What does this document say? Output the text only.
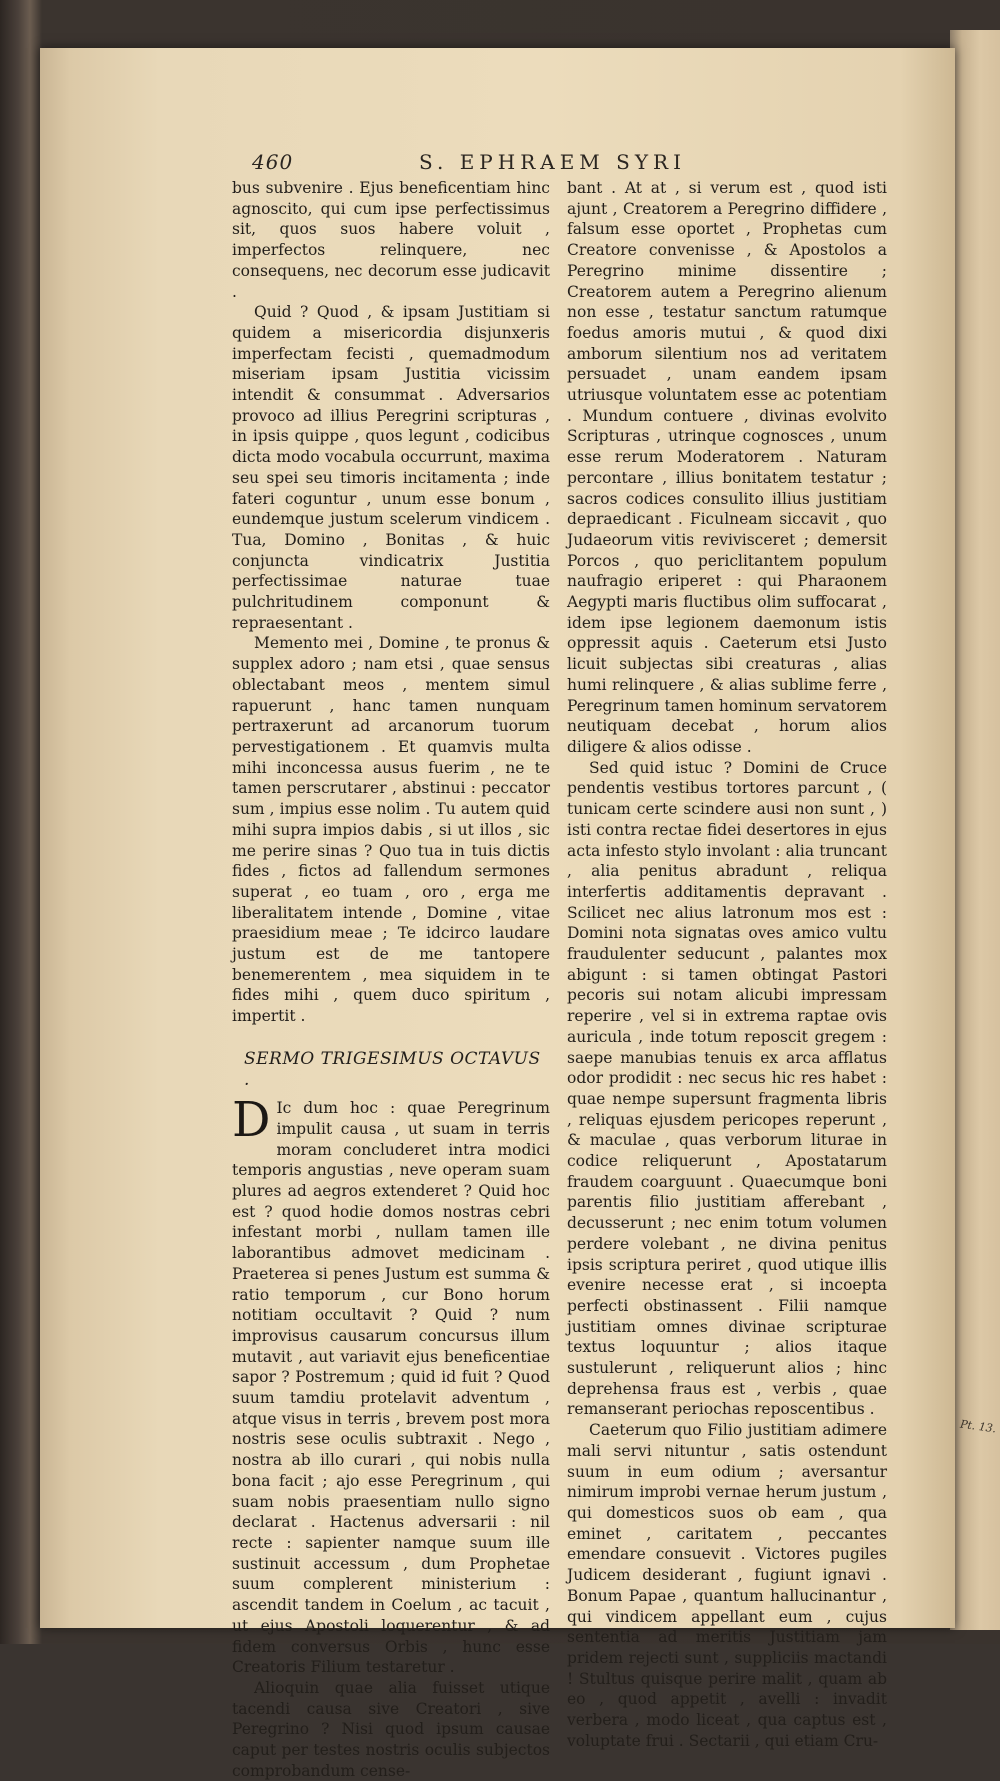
460	S. EPHRAEM SYRI

bus subvenire . Ejus beneficentiam hinc agnoscito, qui cum ipse perfectissimus sit, quos suos habere voluit , imperfectos relinquere, nec consequens, nec decorum esse judicavit .

Quid ? Quod , & ipsam Justitiam si quidem a misericordia disjunxeris imperfectam fecisti , quemadmodum miseriam ipsam Justitia vicissim intendit & consummat . Adversarios provoco ad illius Peregrini scripturas , in ipsis quippe , quos legunt , codicibus dicta modo vocabula occurrunt, maxima seu spei seu timoris incitamenta ; inde fateri coguntur , unum esse bonum , eundemque justum scelerum vindicem . Tua, Domino , Bonitas , & huic conjuncta vindicatrix Justitia perfectissimae naturae tuae pulchritudinem componunt & repraesentant .

Memento mei , Domine , te pronus & supplex adoro ; nam etsi , quae sensus oblectabant meos , mentem simul rapuerunt , hanc tamen nunquam pertraxerunt ad arcanorum tuorum pervestigationem . Et quamvis multa mihi inconcessa ausus fuerim , ne te tamen perscrutarer , abstinui : peccator sum , impius esse nolim . Tu autem quid mihi supra impios dabis , si ut illos , sic me perire sinas ? Quo tua in tuis dictis fides , fictos ad fallendum sermones superat , eo tuam , oro , erga me liberalitatem intende , Domine , vitae praesidium meae ; Te idcirco laudare justum est de me tantopere benemerentem , mea siquidem in te fides mihi , quem duco spiritum , impertit .

SERMO TRIGESIMUS OCTAVUS .

D Ic dum hoc : quae Peregrinum impulit causa , ut suam in terris moram concluderet intra modici temporis angustias , neve operam suam plures ad aegros extenderet ? Quid hoc est ? quod hodie domos nostras cebri infestant morbi , nullam tamen ille laborantibus admovet medicinam . Praeterea si penes Justum est summa & ratio temporum , cur Bono horum notitiam occultavit ? Quid ? num improvisus causarum concursus illum mutavit , aut variavit ejus beneficentiae sapor ? Postremum ; quid id fuit ? Quod suum tamdiu protelavit adventum , atque visus in terris , brevem post mora nostris sese oculis subtraxit . Nego , nostra ab illo curari , qui nobis nulla bona facit ; ajo esse Peregrinum , qui suam nobis praesentiam nullo signo declarat . Hactenus adversarii : nil recte : sapienter namque suum ille sustinuit accessum , dum Prophetae suum complerent ministerium : ascendit tandem in Coelum , ac tacuit , ut ejus Apostoli loquerentur , & ad fidem conversus Orbis , hunc esse Creatoris Filium testaretur .

Alioquin quae alia fuisset utique tacendi causa sive Creatori , sive Peregrino ? Nisi quod ipsum causae caput per testes nostris oculis subjectos comprobandum cense-

bant . At at , si verum est , quod isti ajunt , Creatorem a Peregrino diffidere , falsum esse oportet , Prophetas cum Creatore convenisse , & Apostolos a Peregrino minime dissentire ; Creatorem autem a Peregrino alienum non esse , testatur sanctum ratumque foedus amoris mutui , & quod dixi amborum silentium nos ad veritatem persuadet , unam eandem ipsam utriusque voluntatem esse ac potentiam . Mundum contuere , divinas evolvito Scripturas , utrinque cognosces , unum esse rerum Moderatorem . Naturam percontare , illius bonitatem testatur ; sacros codices consulito illius justitiam depraedicant . Ficulneam siccavit , quo Judaeorum vitis revivisceret ; demersit Porcos , quo periclitantem populum naufragio eriperet : qui Pharaonem Aegypti maris fluctibus olim suffocarat , idem ipse legionem daemonum istis oppressit aquis . Caeterum etsi Justo licuit subjectas sibi creaturas , alias humi relinquere , & alias sublime ferre , Peregrinum tamen hominum servatorem neutiquam decebat , horum alios diligere & alios odisse .

Sed quid istuc ? Domini de Cruce pendentis vestibus tortores parcunt , ( tunicam certe scindere ausi non sunt , ) isti contra rectae fidei desertores in ejus acta infesto stylo involant : alia truncant , alia penitus abradunt , reliqua interfertis additamentis depravant . Scilicet nec alius latronum mos est : Domini nota signatas oves amico vultu fraudulenter seducunt , palantes mox abigunt : si tamen obtingat Pastori pecoris sui notam alicubi impressam reperire , vel si in extrema raptae ovis auricula , inde totum reposcit gregem : saepe manubias tenuis ex arca afflatus odor prodidit : nec secus hic res habet : quae nempe supersunt fragmenta libris , reliquas ejusdem pericopes reperunt , & maculae , quas verborum liturae in codice reliquerunt , Apostatarum fraudem coarguunt . Quaecumque boni parentis filio justitiam afferebant , decusserunt ; nec enim totum volumen perdere volebant , ne divina penitus ipsis scriptura periret , quod utique illis evenire necesse erat , si incoepta perfecti obstinassent . Filii namque justitiam omnes divinae scripturae textus loquuntur ; alios itaque sustulerunt , reliquerunt alios ; hinc deprehensa fraus est , verbis , quae remanserant periochas reposcentibus .

Caeterum quo Filio justitiam adimere mali servi nituntur , satis ostendunt suum in eum odium ; aversantur nimirum improbi vernae herum justum , qui domesticos suos ob eam , qua eminet , caritatem , peccantes emendare consuevit . Victores pugiles Judicem desiderant , fugiunt ignavi . Bonum Papae , quantum hallucinantur , qui vindicem appellant eum , cujus sententia ad meritis Justitiam jam pridem rejecti sunt , suppliciis mactandi ! Stultus quisque perire malit , quam ab eo , quod appetit , avelli : invadit verbera , modo liceat , qua captus est , voluptate frui . Sectarii , qui etiam Cru-

Pt. 13.
